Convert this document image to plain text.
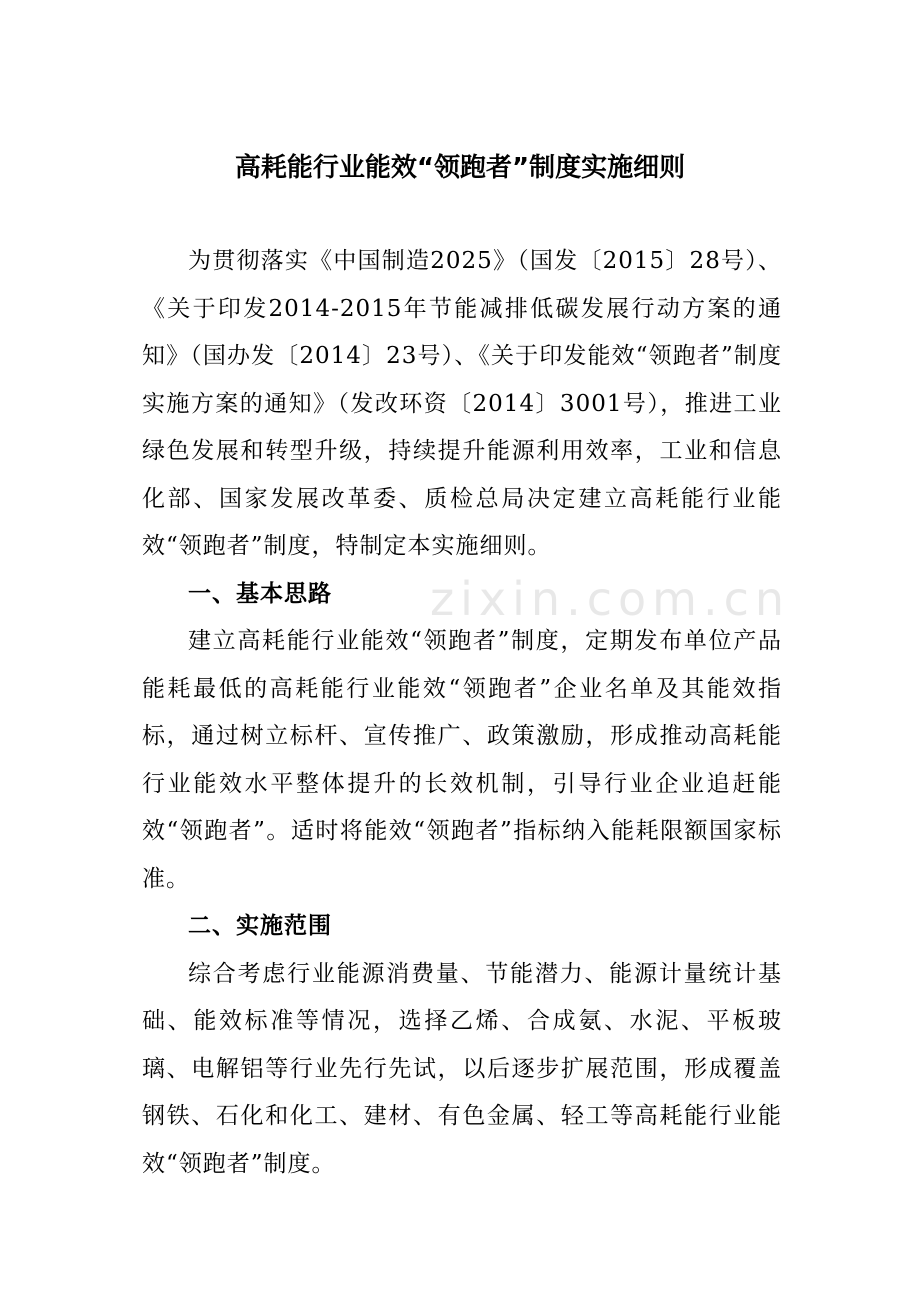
高耗能行业能效“领跑者”制度实施细则

为贯彻落实《中国制造2025》（国发〔2015〕28号）、《关于印发2014-2015年节能减排低碳发展行动方案的通知》（国办发〔2014〕23号）、《关于印发能效“领跑者”制度实施方案的通知》（发改环资〔2014〕3001号），推进工业绿色发展和转型升级，持续提升能源利用效率，工业和信息化部、国家发展改革委、质检总局决定建立高耗能行业能效“领跑者”制度，特制定本实施细则。

一、基本思路

建立高耗能行业能效“领跑者”制度，定期发布单位产品能耗最低的高耗能行业能效“领跑者”企业名单及其能效指标，通过树立标杆、宣传推广、政策激励，形成推动高耗能行业能效水平整体提升的长效机制，引导行业企业追赶能效“领跑者”。适时将能效“领跑者”指标纳入能耗限额国家标准。

二、实施范围

综合考虑行业能源消费量、节能潜力、能源计量统计基础、能效标准等情况，选择乙烯、合成氨、水泥、平板玻璃、电解铝等行业先行先试，以后逐步扩展范围，形成覆盖钢铁、石化和化工、建材、有色金属、轻工等高耗能行业能效“领跑者”制度。

zixin.com.cn
